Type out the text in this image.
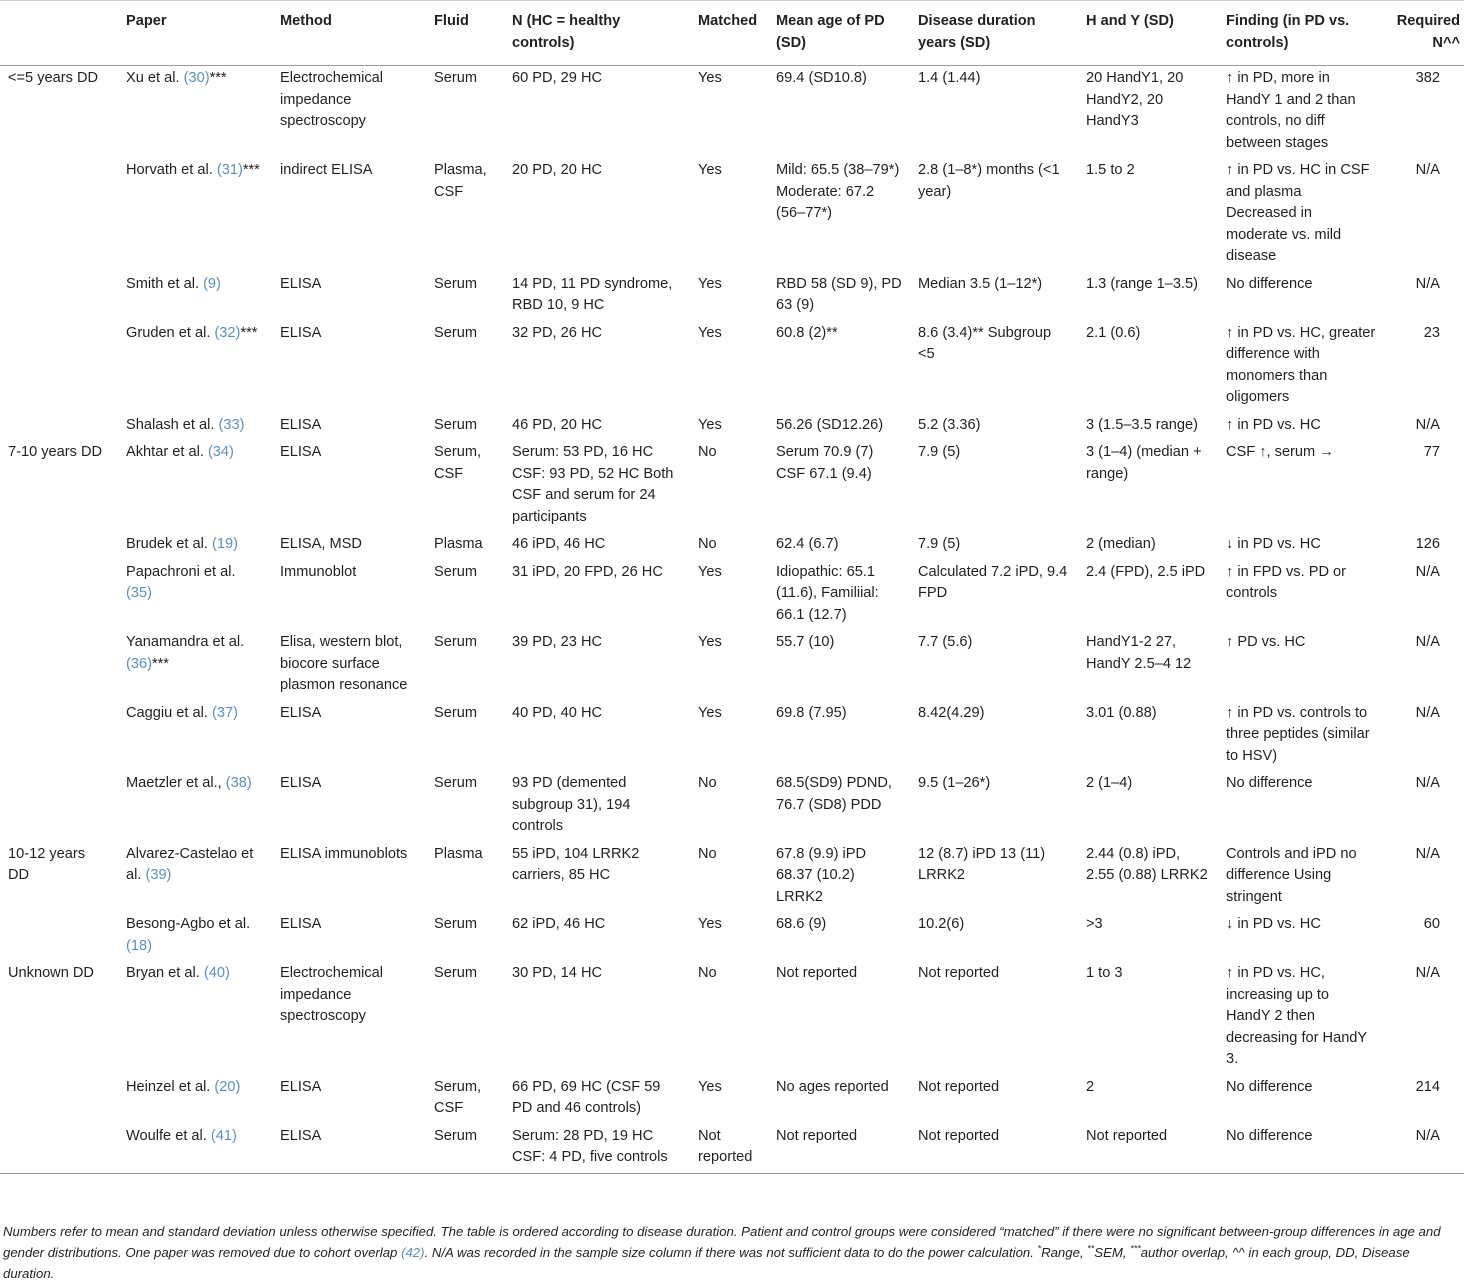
	Paper	Method	Fluid	N (HC = healthy controls)	Matched	Mean age of PD (SD)	Disease duration years (SD)	H and Y (SD)	Finding (in PD vs. controls)	Required N^^
<=5 years DD	Xu et al. (30)***	Electrochemical impedance spectroscopy	Serum	60 PD, 29 HC	Yes	69.4 (SD10.8)	1.4 (1.44)	20 HandY1, 20 HandY2, 20 HandY3	↑ in PD, more in HandY 1 and 2 than controls, no diff between stages	382
	Horvath et al. (31)***	indirect ELISA	Plasma, CSF	20 PD, 20 HC	Yes	Mild: 65.5 (38–79*) Moderate: 67.2 (56–77*)	2.8 (1–8*) months (<1 year)	1.5 to 2	↑ in PD vs. HC in CSF and plasma Decreased in moderate vs. mild disease	N/A
	Smith et al. (9)	ELISA	Serum	14 PD, 11 PD syndrome, RBD 10, 9 HC	Yes	RBD 58 (SD 9), PD 63 (9)	Median 3.5 (1–12*)	1.3 (range 1–3.5)	No difference	N/A
	Gruden et al. (32)***	ELISA	Serum	32 PD, 26 HC	Yes	60.8 (2)**	8.6 (3.4)** Subgroup <5	2.1 (0.6)	↑ in PD vs. HC, greater difference with monomers than oligomers	23
	Shalash et al. (33)	ELISA	Serum	46 PD, 20 HC	Yes	56.26 (SD12.26)	5.2 (3.36)	3 (1.5–3.5 range)	↑ in PD vs. HC	N/A
7-10 years DD	Akhtar et al. (34)	ELISA	Serum, CSF	Serum: 53 PD, 16 HC CSF: 93 PD, 52 HC Both CSF and serum for 24 participants	No	Serum 70.9 (7) CSF 67.1 (9.4)	7.9 (5)	3 (1–4) (median + range)	CSF ↑, serum →	77
	Brudek et al. (19)	ELISA, MSD	Plasma	46 iPD, 46 HC	No	62.4 (6.7)	7.9 (5)	2 (median)	↓ in PD vs. HC	126
	Papachroni et al. (35)	Immunoblot	Serum	31 iPD, 20 FPD, 26 HC	Yes	Idiopathic: 65.1 (11.6), Familiial: 66.1 (12.7)	Calculated 7.2 iPD, 9.4 FPD	2.4 (FPD), 2.5 iPD	↑ in FPD vs. PD or controls	N/A
	Yanamandra et al. (36)***	Elisa, western blot, biocore surface plasmon resonance	Serum	39 PD, 23 HC	Yes	55.7 (10)	7.7 (5.6)	HandY1-2 27, HandY 2.5–4 12	↑ PD vs. HC	N/A
	Caggiu et al. (37)	ELISA	Serum	40 PD, 40 HC	Yes	69.8 (7.95)	8.42(4.29)	3.01 (0.88)	↑ in PD vs. controls to three peptides (similar to HSV)	N/A
	Maetzler et al., (38)	ELISA	Serum	93 PD (demented subgroup 31), 194 controls	No	68.5(SD9) PDND, 76.7 (SD8) PDD	9.5 (1–26*)	2 (1–4)	No difference	N/A
10-12 years DD	Alvarez-Castelao et al. (39)	ELISA immunoblots	Plasma	55 iPD, 104 LRRK2 carriers, 85 HC	No	67.8 (9.9) iPD 68.37 (10.2) LRRK2	12 (8.7) iPD 13 (11) LRRK2	2.44 (0.8) iPD, 2.55 (0.88) LRRK2	Controls and iPD no difference Using stringent	N/A
	Besong-Agbo et al. (18)	ELISA	Serum	62 iPD, 46 HC	Yes	68.6 (9)	10.2(6)	>3	↓ in PD vs. HC	60
Unknown DD	Bryan et al. (40)	Electrochemical impedance spectroscopy	Serum	30 PD, 14 HC	No	Not reported	Not reported	1 to 3	↑ in PD vs. HC, increasing up to HandY 2 then decreasing for HandY 3.	N/A
	Heinzel et al. (20)	ELISA	Serum, CSF	66 PD, 69 HC (CSF 59 PD and 46 controls)	Yes	No ages reported	Not reported	2	No difference	214
	Woulfe et al. (41)	ELISA	Serum	Serum: 28 PD, 19 HC CSF: 4 PD, five controls	Not reported	Not reported	Not reported	Not reported	No difference	N/A
Numbers refer to mean and standard deviation unless otherwise specified. The table is ordered according to disease duration. Patient and control groups were considered “matched” if there were no significant between-group differences in age and gender distributions. One paper was removed due to cohort overlap (42). N/A was recorded in the sample size column if there was not sufficient data to do the power calculation. *Range, **SEM, ***author overlap, ^^ in each group, DD, Disease duration.
